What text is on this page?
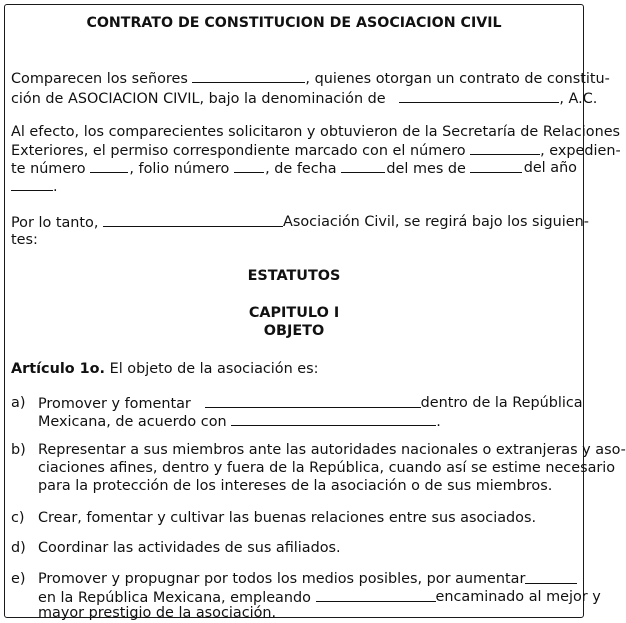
CONTRATO DE CONSTITUCION DE ASOCIACION CIVIL
Comparecen los señores	, quienes otorgan un contrato de constitu-
ción de ASOCIACION CIVIL, bajo la denominación de	, A.C.
Al efecto, los comparecientes solicitaron y obtuvieron de la Secretaría de Relaciones
Exteriores, el permiso correspondiente marcado con el número	, expedien-
te número	, folio número	, de fecha	del mes de	del año
.
Por lo tanto,	Asociación Civil, se regirá bajo los siguien-
tes:
ESTATUTOS
CAPITULO I
OBJETO
Artículo 1o. El objeto de la asociación es:
a) Promover y fomentar	dentro de la República
Mexicana, de acuerdo con	.
b) Representar a sus miembros ante las autoridades nacionales o extranjeras y aso-
ciaciones afines, dentro y fuera de la República, cuando así se estime necesario
para la protección de los intereses de la asociación o de sus miembros.
c) Crear, fomentar y cultivar las buenas relaciones entre sus asociados.
d) Coordinar las actividades de sus afiliados.
e) Promover y propugnar por todos los medios posibles, por aumentar
en la República Mexicana, empleando	encaminado al mejor y
mayor prestigio de la asociación.
